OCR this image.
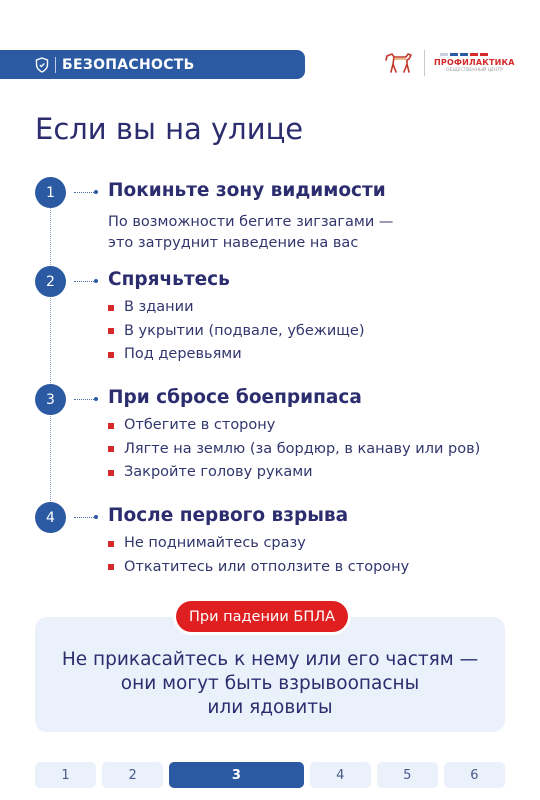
БЕЗОПАСНОСТЬ	ПРОФИЛАКТИКА
ОБЩЕСТВЕННЫЙ ЦЕНТР
Если вы на улице
1	Покиньте зону видимости
По возможности бегите зигзагами —
это затруднит наведение на вас
2	Спрячьтесь
В здании
В укрытии (подвале, убежище)
Под деревьями
3	При сбросе боеприпаса
Отбегите в сторону
Лягте на землю (за бордюр, в канаву или ров)
Закройте голову руками
4	После первого взрыва
Не поднимайтесь сразу
Откатитесь или отползите в сторону
При падении БПЛА
Не прикасайтесь к нему или его частям —
они могут быть взрывоопасны
или ядовиты
1	2	3	4	5	6
